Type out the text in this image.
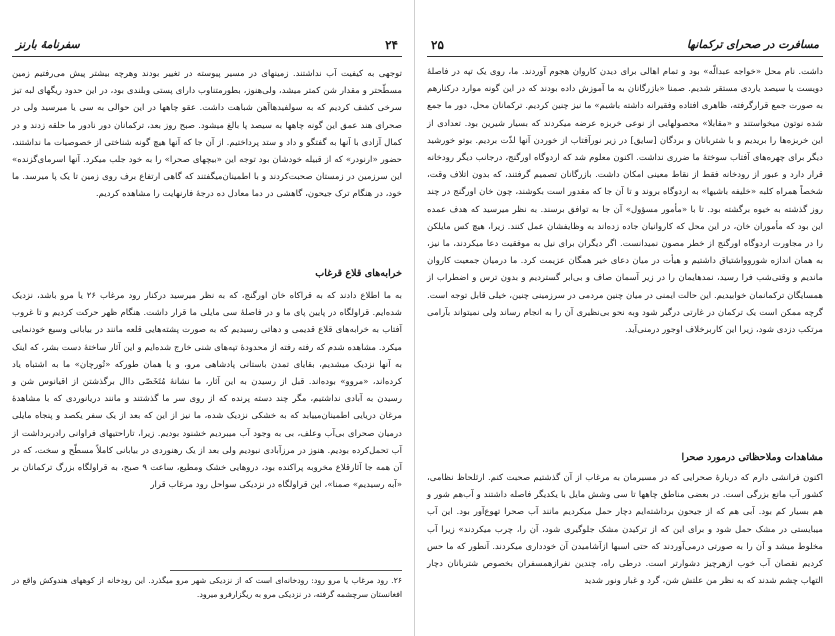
۲۴
سفرنامه‌ٔ بارنز

توجهی به کیفیت آب نداشتند. زمینهای در مسیر پیوسته در تغییر بودند وهرچه بیشتر پیش می‌رفتیم زمین مسطّحتر و مقدار شن کمتر میشد، ولی‌هنوز، بطورمتناوب دارای پستی وبلندی بود، در این حدود ریگهای لبه تیز سرخی کشف کردیم که به سولفیدهاآهن شباهت داشت. عقو چاهها در این حوالی به سی یا میرسید ولی در صحرای هند عمق این گونه چاهها به سیصد پا بالغ میشود. صبح روز بعد، ترکمانان دور نادور ما حلقه زدند و در کمال آزادی با آنها به گفتگو و داد و ستد پرداختیم. از آن جا که آنها هیچ گونه شناختی از خصوصیات ما نداشتند، حضور «ارنودر» که از قبیله خودشان بود توجه این «بیچهای صحرا» را به خود جلب میکرد. آنها اسرمای‌گزنده‌» این سرزمین در زمستان صحبت‌کردند و با اطمینان‌میگفتند که گاهی ارتفاع برف روی زمین تا یک پا میرسد. ما خود، در هنگام ترک جیحون، گاهشی در دما معادل ده درجهٔ فارنهایت را مشاهده کردیم.

خرابه‌های قلاع قرغاب

به ما اطلاع دادند که به قراکاه خان اورگنج، که به نظر میرسید درکنار رود مرغاب ۲۶ یا مرو باشد، نزدیک شده‌ایم. قراولگاه در پایین پای ما و در فاصله‌ٔ سی مایلی ما قرار داشت. هنگام ظهر حرکت کردیم و تا غروب آفتاب به خرابه‌های قلاع قدیمی و دهاتی رسیدیم که به صورت پشته‌هایی قلعه مانند در بیابانی وسیع خودنمایی میکرد. مشاهده شدم که رفته رفته از محدوده‌ٔ تپه‌های شنی خارج شده‌ایم و این آثار ساخته‌ٔ دست بشر، که اینک به آنها نزدیک میشدیم، بقایای تمدن باستانی پادشاهی مرو، و یا همان طورکه «تُورچان» ما به اشتباه یاد کرده‌اند، «مروو» بوده‌اند. قبل از رسیدن به این آثار، ما نشانه‌ٔ مُتَخَصّی داال برگذشتن از اقیانوس شن و رسیدن به آبادی نداشتیم، مگر چند دسته پرنده که از روی سر ما گذشتند و مانند دریانوردی که با مشاهده‌ٔ مرغان دریایی اطمینان‌مییابد که به خشکی نزدیک شده، ما نیز از این که بعد از یک سفر یکصد و پنجاه مایلی درمیان صحرای بی‌آب وعلف، بی به وجود آب میبردیم خشنود بودیم. زیرا، تاراحتیهای فراوانی رادربرداشت از آب تحمل‌کرده بودیم. هنوز در مرزآبادی نبودیم ولی بعد از یک رهنوردی در بیابانی کاملاً مسطّح و سخت، که در آن همه جا آثارقلاع مخروبه پراکنده بود، دروهایی خشک ومطیع، ساعت ۹ صبح، به قراولگاه بزرگ ترکمانان بر «آبه رسیدیم» صمنا»، این قراولگاه در نزدیکی سواحل رود مرغاب قرار

۲۶. رود مرغاب یا مرو رود: رودخانه‌ای است که از نزدیکی شهر مرو میگذرد. این رودخانه از کوههای هندوکش واقع در افغانستان سرچشمه گرفته، در نزدیکی مرو به ریگزارفرو میرود.
۲۵	مسافرت در صحرای ترکمانها

داشت. نام محل «خواجه عبدالّه» بود و تمام اهالی برای دیدن کاروان هجوم آوردند. ما، روی یک تپه در فاصله‌ٔ دویست یا سیصد یاردی مستقر شدیم. صمنا «بازرگانان به ما آموزش داده بودند که در این گونه موارد درکنارهم به صورت جمع قرارگرفته، ظاهری افتاده وفقیرانه داشته باشیم» ما نیز چنین کردیم. ترکمانان محل، دور ما جمع شده نوتون میخواستند و «مقابلا» محصولهایی از نوعی خربزه عرضه میکردند که بسیار شیرین بود. تعدادی از این خربزه‌ها را بریدیم و با شتربانان و بردگان [سایق] در زیر نورآفتاب از خوردن آنها لذّت بردیم. بوتو خورشید دیگر برای چهره‌های آفتاب سوخته‌ٔ ما ضرری نداشت. اکنون معلوم شد که اردوگاه اورگنج، درجانب دیگر رودخانه قرار دارد و عبور از رودخانه فقط از نقاط معینی امکان داشت. بازرگانان تصمیم گرفتند، که بدون اتلاف وقت، شخصاً همراه کلبه «خلیفه باشیها» به اردوگاه بروند و تا آن جا که مقدور است بکوشند، چون خان اورگنج در چند روز گذشته به خیوه برگشته بود. تا با «مأمور مسؤول» آن جا به توافق برسند. به نظر میرسید که هدف عمده این بود که مأموران خان، در این محل که کاروانیان جاده زده‌اند به وظایفشان عمل کنند. زیرا، هیچ کس مایلکن را در مجاورت اردوگاه اورگنج از خطر مصون نمیدانست. اگر دیگران برای نیل به موفقیت دعا میکردند، ما نیز، به همان اندازه شوروواشتیاق داشتیم و هیأت در میان دعای خیر همگان عزیمت کرد. ما درمیان جمعیت کاروان ماندیم و وقتی‌شب فرا رسید، نمدهایمان را در زیر آسمان صاف و بی‌ابر گستردیم و بدون ترس و اضطراب از همسایگان ترکمانمان خوابیدیم. این حالت ایمنی در میان چنین مردمی در سرزمینی چنین، خیلی قابل توجه است. گرچه ممکن است یک ترکمان در غارتی درگیر شود وبه نحو بی‌نظیری آن را به انجام رساند ولی نمیتواند بآرامی مرتکب دزدی شود، زیرا این کاربرخلاف اوجور درمنی‌آید.

مشاهدات وملاحظاتی درمورد صحرا

اکنون فرانشی دارم که درباره‌ٔ صحرایی که در مسیرمان به مرغاب از آن گذشتیم صحبت کنم. ارثلحاظ نظامی، کشور آب مانع بزرگی است. در بعضی مناطق چاهها تا سی وشش مایل با یکدیگر فاصله داشتند و آب‌هم شور و هم بسیار کم بود. آبی هم که از جیحون برداشته‌ایم دچار حمل میکردیم مانند آب صحرا تهوع‌آور بود. این آب میبایستی در مشک حمل شود و برای این که از ترکیدن مشک جلوگیری شود، آن را، چرب میکردند» زیرا آب مخلوط میشد و آن را به صورتی درمی‌آوردند که حتی اسبها ازآشامیدن آن خودداری میکردند. آنطور که ما حس کردیم نقصان آب خوب ازهرچیز دشوارتر است. درطی راه، چندین نفرازهمسفران بخصوص شتربانان دچار التهاب چشم شدند که به نظر من علتش شن، گرد و غبار ونور شدید
